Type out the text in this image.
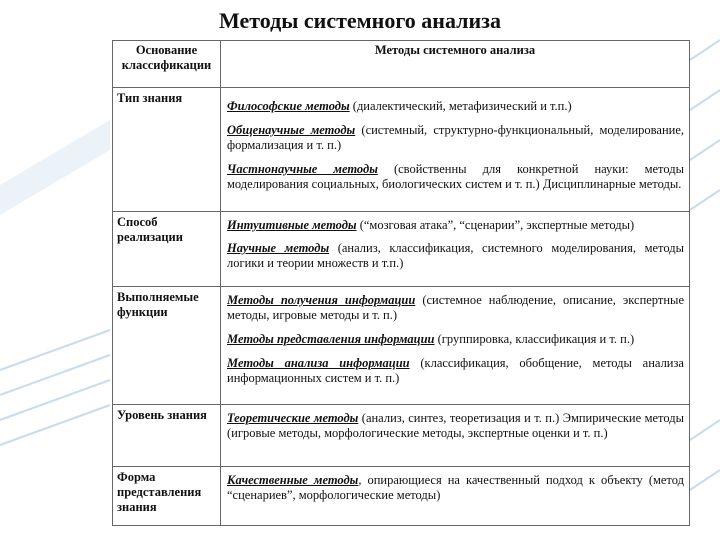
Методы системного анализа
Основание классификации	Методы системного анализа
Тип знания	Философские методы (диалектический, метафизический и т.п.)

Общенаучные методы (системный, структурно-функциональный, моделирование, формализация и т. п.)

Частнонаучные методы (свойственны для конкретной науки: методы моделирования социальных, биологических систем и т. п.) Дисциплинарные методы.

Способ реализации	Интуитивные методы (“мозговая атака”, “сценарии”, экспертные методы)

Научные методы (анализ, классификация, системного моделирования, методы логики и теории множеств и т.п.)

Выполняемые функции	Методы получения информации (системное наблюдение, описание, экспертные методы, игровые методы и т. п.)

Методы представления информации (группировка, классификация и т. п.)

Методы анализа информации (классификация, обобщение, методы анализа информационных систем и т. п.)

Уровень знания	Теоретические методы (анализ, синтез, теоретизация и т. п.) Эмпирические методы (игровые методы, морфологические методы, экспертные оценки и т. п.)

Форма представления знания	Качественные методы, опирающиеся на качественный подход к объекту (метод “сценариев”, морфологические методы)
